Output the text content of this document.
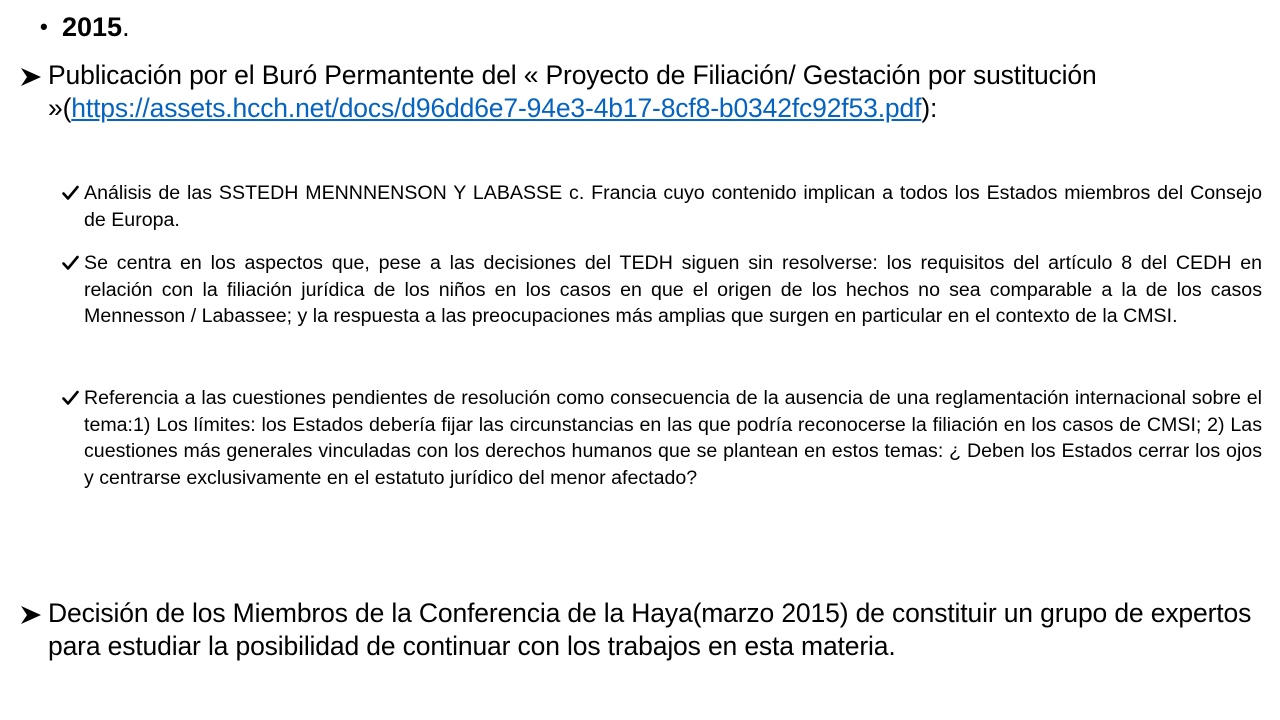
• 2015.
Publicación por el Buró Permantente del « Proyecto de Filiación/ Gestación por sustitución »(https://assets.hcch.net/docs/d96dd6e7-94e3-4b17-8cf8-b0342fc92f53.pdf):
Análisis de las SSTEDH MENNNENSON Y LABASSE c. Francia cuyo contenido implican a todos los Estados miembros del Consejo de Europa.
Se centra en los aspectos que, pese a las decisiones del TEDH siguen sin resolverse: los requisitos del artículo 8 del CEDH en relación con la filiación jurídica de los niños en los casos en que el origen de los hechos no sea comparable a la de los casos Mennesson / Labassee; y la respuesta a las preocupaciones más amplias que surgen en particular en el contexto de la CMSI.
Referencia a las cuestiones pendientes de resolución como consecuencia de la ausencia de una reglamentación internacional sobre el tema:1) Los límites: los Estados debería fijar las circunstancias en las que podría reconocerse la filiación en los casos de CMSI; 2) Las cuestiones más generales vinculadas con los derechos humanos que se plantean en estos temas: ¿ Deben los Estados cerrar los ojos y centrarse exclusivamente en el estatuto jurídico del menor afectado?
Decisión de los Miembros de la Conferencia de la Haya(marzo 2015) de constituir un grupo de expertos para estudiar la posibilidad de continuar con los trabajos en esta materia.
